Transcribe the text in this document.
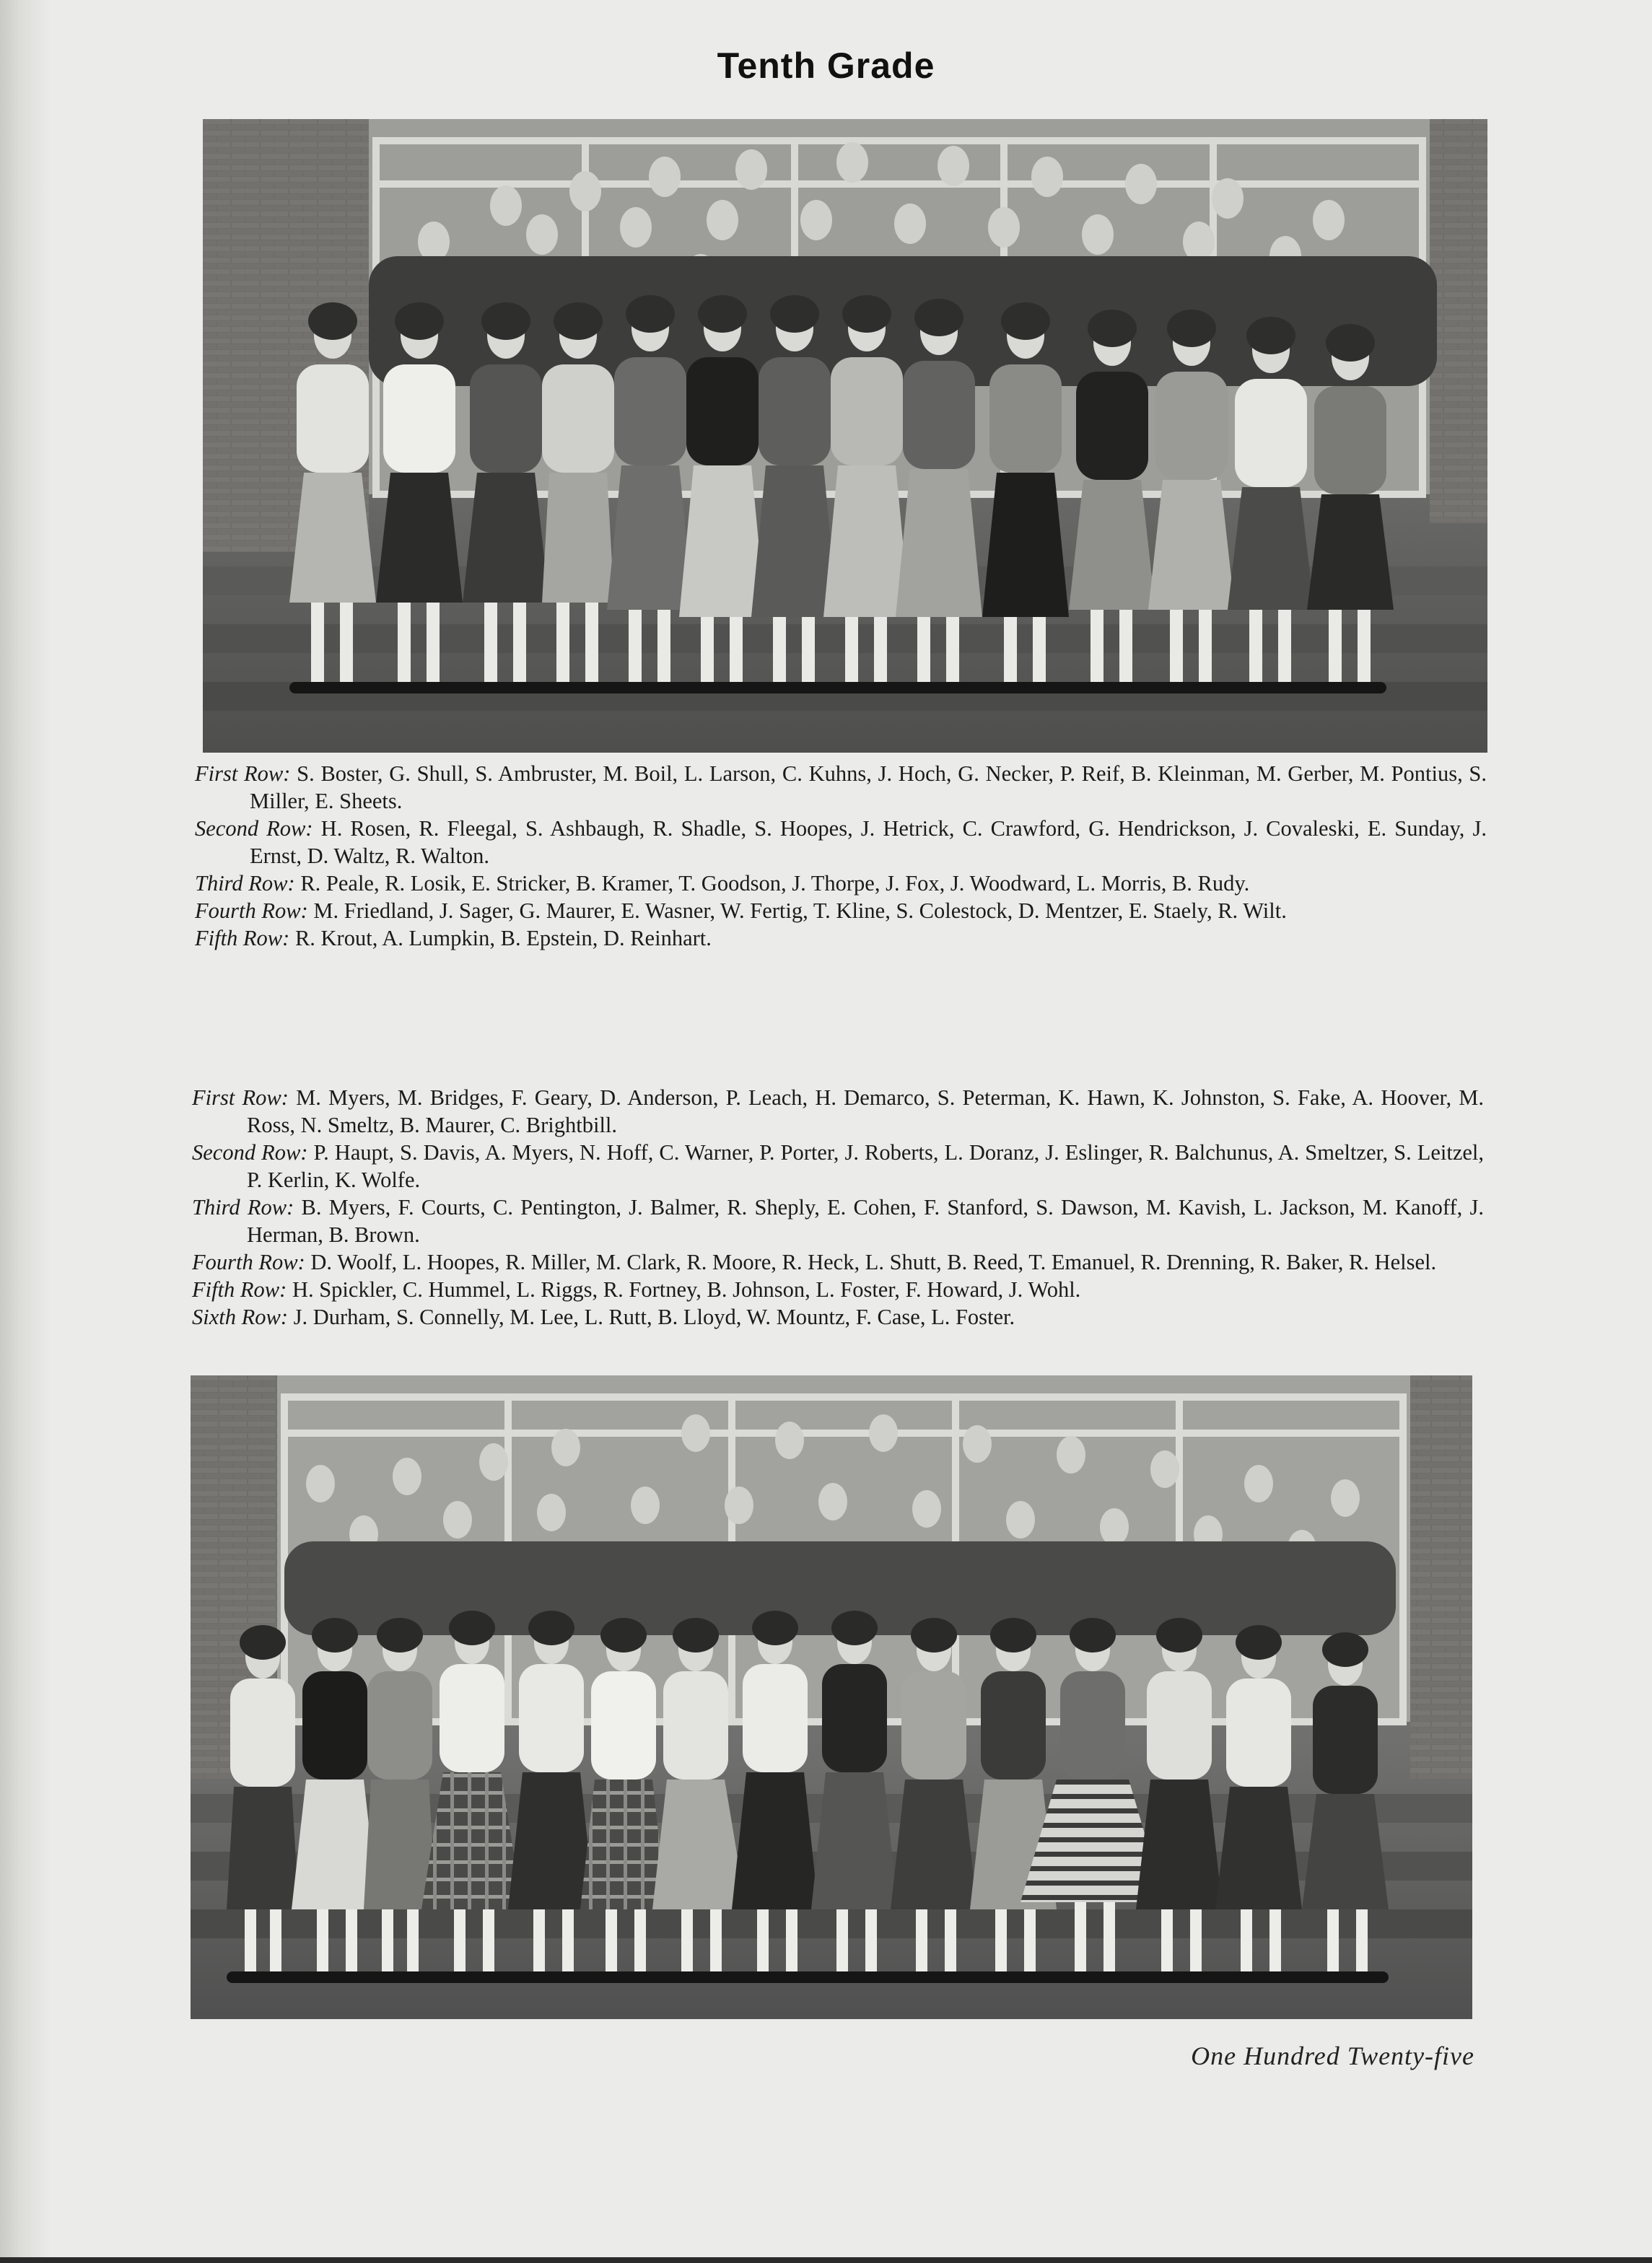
Tenth Grade
First Row: S. Boster, G. Shull, S. Ambruster, M. Boil, L. Larson, C. Kuhns, J. Hoch, G. Necker, P. Reif, B. Kleinman, M. Gerber, M. Pontius, S. Miller, E. Sheets.
Second Row: H. Rosen, R. Fleegal, S. Ashbaugh, R. Shadle, S. Hoopes, J. Hetrick, C. Crawford, G. Hendrickson, J. Covaleski, E. Sunday, J. Ernst, D. Waltz, R. Walton.
Third Row: R. Peale, R. Losik, E. Stricker, B. Kramer, T. Goodson, J. Thorpe, J. Fox, J. Woodward, L. Morris, B. Rudy.
Fourth Row: M. Friedland, J. Sager, G. Maurer, E. Wasner, W. Fertig, T. Kline, S. Colestock, D. Mentzer, E. Staely, R. Wilt.
Fifth Row: R. Krout, A. Lumpkin, B. Epstein, D. Reinhart.
First Row: M. Myers, M. Bridges, F. Geary, D. Anderson, P. Leach, H. Demarco, S. Peterman, K. Hawn, K. Johnston, S. Fake, A. Hoover, M. Ross, N. Smeltz, B. Maurer, C. Brightbill.
Second Row: P. Haupt, S. Davis, A. Myers, N. Hoff, C. Warner, P. Porter, J. Roberts, L. Doranz, J. Eslinger, R. Balchunus, A. Smeltzer, S. Leitzel, P. Kerlin, K. Wolfe.
Third Row: B. Myers, F. Courts, C. Pentington, J. Balmer, R. Sheply, E. Cohen, F. Stanford, S. Dawson, M. Kavish, L. Jackson, M. Kanoff, J. Herman, B. Brown.
Fourth Row: D. Woolf, L. Hoopes, R. Miller, M. Clark, R. Moore, R. Heck, L. Shutt, B. Reed, T. Emanuel, R. Drenning, R. Baker, R. Helsel.
Fifth Row: H. Spickler, C. Hummel, L. Riggs, R. Fortney, B. Johnson, L. Foster, F. Howard, J. Wohl.
Sixth Row: J. Durham, S. Connelly, M. Lee, L. Rutt, B. Lloyd, W. Mountz, F. Case, L. Foster.
One Hundred Twenty-five
